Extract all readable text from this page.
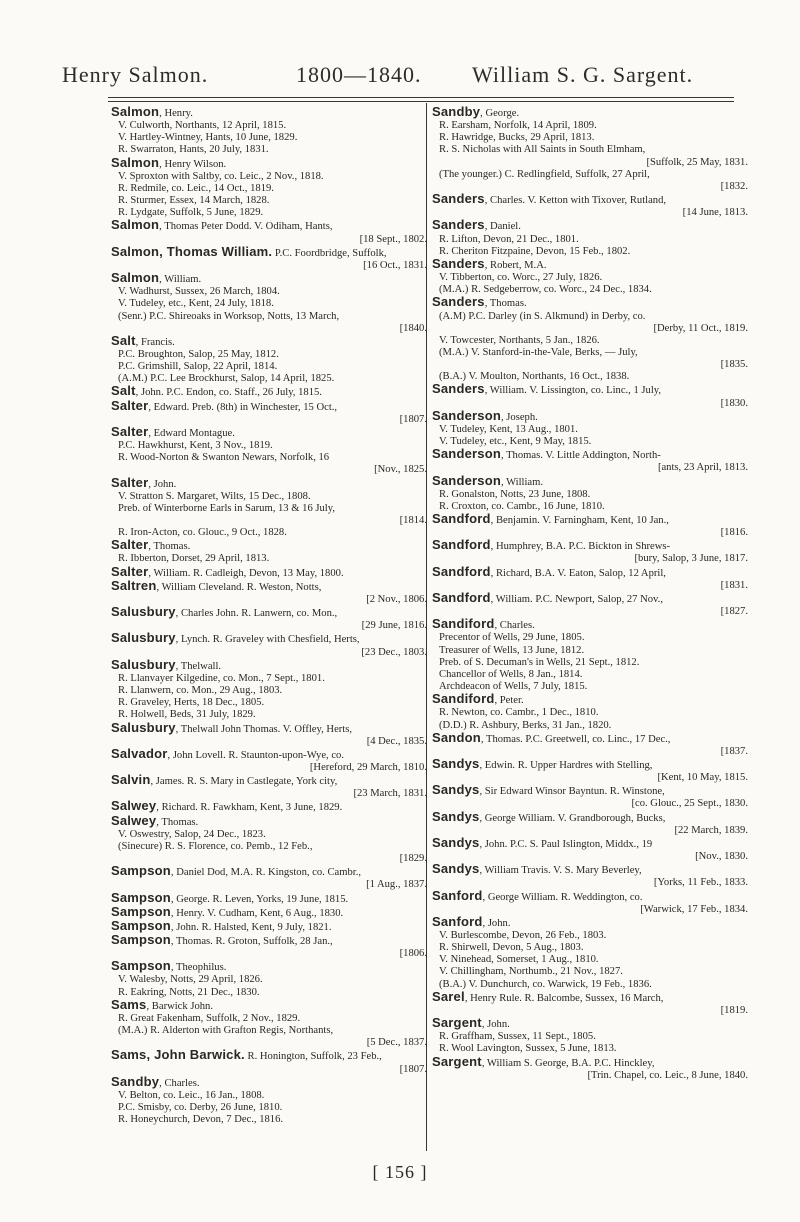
Henry Salmon.	1800—1840. William S. G. Sargent.
Salmon, Henry.
V. Culworth, Northants, 12 April, 1815.
V. Hartley-Wintney, Hants, 10 June, 1829.
R. Swarraton, Hants, 20 July, 1831.
Salmon, Henry Wilson.
V. Sproxton with Saltby, co. Leic., 2 Nov., 1818.
R. Redmile, co. Leic., 14 Oct., 1819.
R. Sturmer, Essex, 14 March, 1828.
R. Lydgate, Suffolk, 5 June, 1829.
Salmon, Thomas Peter Dodd. V. Odiham, Hants,
[18 Sept., 1802.
Salmon, Thomas William. P.C. Foordbridge, Suffolk,
[16 Oct., 1831.
Salmon, William.
V. Wadhurst, Sussex, 26 March, 1804.
V. Tudeley, etc., Kent, 24 July, 1818.
(Senr.) P.C. Shireoaks in Worksop, Notts, 13 March,
[1840.
Salt, Francis.
P.C. Broughton, Salop, 25 May, 1812.
P.C. Grimshill, Salop, 22 April, 1814.
(A.M.) P.C. Lee Brockhurst, Salop, 14 April, 1825.
Salt, John. P.C. Endon, co. Staff., 26 July, 1815.
Salter, Edward. Preb. (8th) in Winchester, 15 Oct.,
[1807.
Salter, Edward Montague.
P.C. Hawkhurst, Kent, 3 Nov., 1819.
R. Wood-Norton & Swanton Newars, Norfolk, 16
[Nov., 1825.
Salter, John.
V. Stratton S. Margaret, Wilts, 15 Dec., 1808.
Preb. of Winterborne Earls in Sarum, 13 & 16 July,
[1814.
R. Iron-Acton, co. Glouc., 9 Oct., 1828.
Salter, Thomas.
R. Ibberton, Dorset, 29 April, 1813.
Salter, William. R. Cadleigh, Devon, 13 May, 1800.
Saltren, William Cleveland. R. Weston, Notts,
[2 Nov., 1806.
Salusbury, Charles John. R. Lanwern, co. Mon.,
[29 June, 1816.
Salusbury, Lynch. R. Graveley with Chesfield, Herts,
[23 Dec., 1803.
Salusbury, Thelwall.
R. Llanvayer Kilgedine, co. Mon., 7 Sept., 1801.
R. Llanwern, co. Mon., 29 Aug., 1803.
R. Graveley, Herts, 18 Dec., 1805.
R. Holwell, Beds, 31 July, 1829.
Salusbury, Thelwall John Thomas. V. Offley, Herts,
[4 Dec., 1835.
Salvador, John Lovell. R. Staunton-upon-Wye, co.
[Hereford, 29 March, 1810.
Salvin, James. R. S. Mary in Castlegate, York city,
[23 March, 1831.
Salwey, Richard. R. Fawkham, Kent, 3 June, 1829.
Salwey, Thomas.
V. Oswestry, Salop, 24 Dec., 1823.
(Sinecure) R. S. Florence, co. Pemb., 12 Feb.,
[1829.
Sampson, Daniel Dod, M.A. R. Kingston, co. Cambr.,
[1 Aug., 1837.
Sampson, George. R. Leven, Yorks, 19 June, 1815.
Sampson, Henry. V. Cudham, Kent, 6 Aug., 1830.
Sampson, John. R. Halsted, Kent, 9 July, 1821.
Sampson, Thomas. R. Groton, Suffolk, 28 Jan.,
[1806.
Sampson, Theophilus.
V. Walesby, Notts, 29 April, 1826.
R. Eakring, Notts, 21 Dec., 1830.
Sams, Barwick John.
R. Great Fakenham, Suffolk, 2 Nov., 1829.
(M.A.) R. Alderton with Grafton Regis, Northants,
[5 Dec., 1837.
Sams, John Barwick. R. Honington, Suffolk, 23 Feb.,
[1807.
Sandby, Charles.
V. Belton, co. Leic., 16 Jan., 1808.
P.C. Smisby, co. Derby, 26 June, 1810.
R. Honeychurch, Devon, 7 Dec., 1816.
Sandby, George.
R. Earsham, Norfolk, 14 April, 1809.
R. Hawridge, Bucks, 29 April, 1813.
R. S. Nicholas with All Saints in South Elmham,
[Suffolk, 25 May, 1831.
(The younger.) C. Redlingfield, Suffolk, 27 April,
[1832.
Sanders, Charles. V. Ketton with Tixover, Rutland,
[14 June, 1813.
Sanders, Daniel.
R. Lifton, Devon, 21 Dec., 1801.
R. Cheriton Fitzpaine, Devon, 15 Feb., 1802.
Sanders, Robert, M.A.
V. Tibberton, co. Worc., 27 July, 1826.
(M.A.) R. Sedgeberrow, co. Worc., 24 Dec., 1834.
Sanders, Thomas.
(A.M) P.C. Darley (in S. Alkmund) in Derby, co.
[Derby, 11 Oct., 1819.
V. Towcester, Northants, 5 Jan., 1826.
(M.A.) V. Stanford-in-the-Vale, Berks, — July,
[1835.
(B.A.) V. Moulton, Northants, 16 Oct., 1838.
Sanders, William. V. Lissington, co. Linc., 1 July,
[1830.
Sanderson, Joseph.
V. Tudeley, Kent, 13 Aug., 1801.
V. Tudeley, etc., Kent, 9 May, 1815.
Sanderson, Thomas. V. Little Addington, North-
[ants, 23 April, 1813.
Sanderson, William.
R. Gonalston, Notts, 23 June, 1808.
R. Croxton, co. Cambr., 16 June, 1810.
Sandford, Benjamin. V. Farningham, Kent, 10 Jan.,
[1816.
Sandford, Humphrey, B.A. P.C. Bickton in Shrews-
[bury, Salop, 3 June, 1817.
Sandford, Richard, B.A. V. Eaton, Salop, 12 April,
[1831.
Sandford, William. P.C. Newport, Salop, 27 Nov.,
[1827.
Sandiford, Charles.
Precentor of Wells, 29 June, 1805.
Treasurer of Wells, 13 June, 1812.
Preb. of S. Decuman's in Wells, 21 Sept., 1812.
Chancellor of Wells, 8 Jan., 1814.
Archdeacon of Wells, 7 July, 1815.
Sandiford, Peter.
R. Newton, co. Cambr., 1 Dec., 1810.
(D.D.) R. Ashbury, Berks, 31 Jan., 1820.
Sandon, Thomas. P.C. Greetwell, co. Linc., 17 Dec.,
[1837.
Sandys, Edwin. R. Upper Hardres with Stelling,
[Kent, 10 May, 1815.
Sandys, Sir Edward Winsor Bayntun. R. Winstone,
[co. Glouc., 25 Sept., 1830.
Sandys, George William. V. Grandborough, Bucks,
[22 March, 1839.
Sandys, John. P.C. S. Paul Islington, Middx., 19
[Nov., 1830.
Sandys, William Travis. V. S. Mary Beverley,
[Yorks, 11 Feb., 1833.
Sanford, George William. R. Weddington, co.
[Warwick, 17 Feb., 1834.
Sanford, John.
V. Burlescombe, Devon, 26 Feb., 1803.
R. Shirwell, Devon, 5 Aug., 1803.
V. Ninehead, Somerset, 1 Aug., 1810.
V. Chillingham, Northumb., 21 Nov., 1827.
(B.A.) V. Dunchurch, co. Warwick, 19 Feb., 1836.
Sarel, Henry Rule. R. Balcombe, Sussex, 16 March,
[1819.
Sargent, John.
R. Graffham, Sussex, 11 Sept., 1805.
R. Wool Lavington, Sussex, 5 June, 1813.
Sargent, William S. George, B.A. P.C. Hinckley,
[Trin. Chapel, co. Leic., 8 June, 1840.
[ 156 ]
